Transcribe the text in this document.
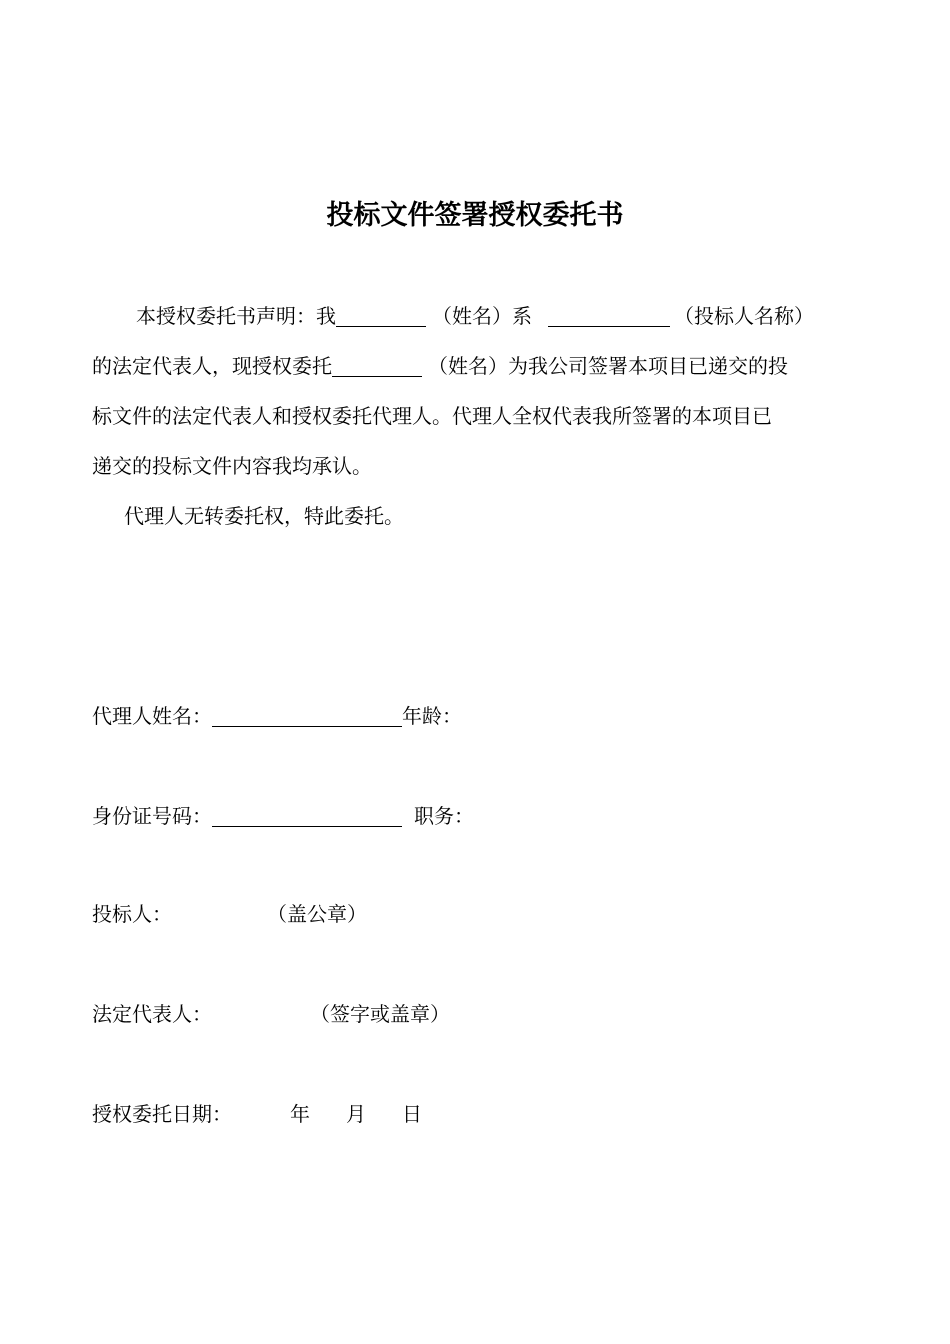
投标文件签署授权委托书
本授权委托书声明：我	（姓名）系	（投标人名称）
的法定代表人，现授权委托	（姓名）为我公司签署本项目已递交的投
标文件的法定代表人和授权委托代理人。代理人全权代表我所签署的本项目已
递交的投标文件内容我均承认。
代理人无转委托权，特此委托。
代理人姓名：	年龄：
身份证号码：	职务：
投标人：	（盖公章）
法定代表人：	（签字或盖章）
授权委托日期：	年 月 日
